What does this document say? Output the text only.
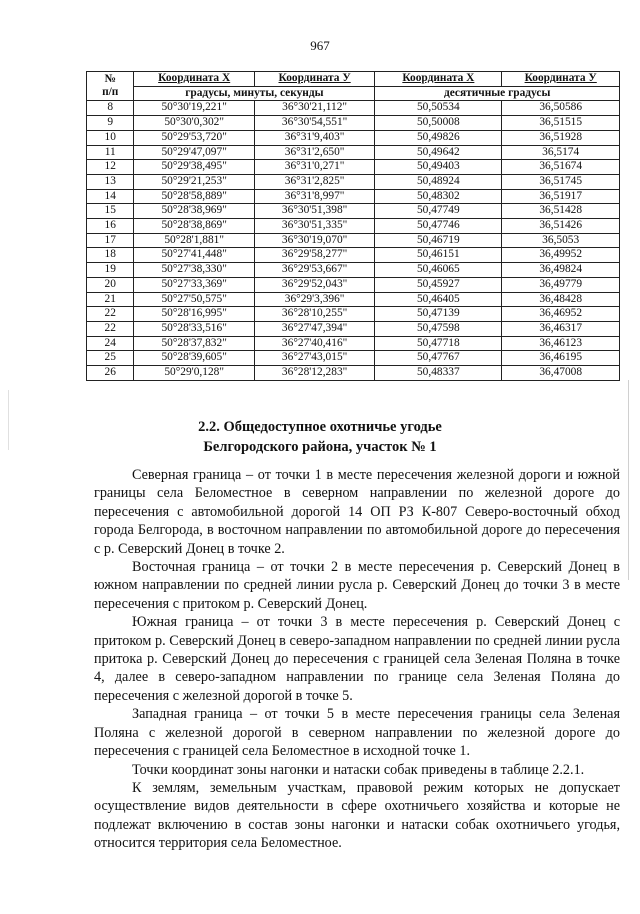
967
№
п/п	Координата Х	Координата У	Координата Х	Координата У
	градусы, минуты, секунды		десятичные градусы	
8	50°30'19,221"	36°30'21,112"	50,50534	36,50586
9	50°30'0,302"	36°30'54,551"	50,50008	36,51515
10	50°29'53,720"	36°31'9,403"	50,49826	36,51928
11	50°29'47,097"	36°31'2,650"	50,49642	36,5174
12	50°29'38,495"	36°31'0,271"	50,49403	36,51674
13	50°29'21,253"	36°31'2,825"	50,48924	36,51745
14	50°28'58,889"	36°31'8,997"	50,48302	36,51917
15	50°28'38,969"	36°30'51,398"	50,47749	36,51428
16	50°28'38,869"	36°30'51,335"	50,47746	36,51426
17	50°28'1,881"	36°30'19,070"	50,46719	36,5053
18	50°27'41,448"	36°29'58,277"	50,46151	36,49952
19	50°27'38,330"	36°29'53,667"	50,46065	36,49824
20	50°27'33,369"	36°29'52,043"	50,45927	36,49779
21	50°27'50,575"	36°29'3,396"	50,46405	36,48428
22	50°28'16,995"	36°28'10,255"	50,47139	36,46952
22	50°28'33,516"	36°27'47,394"	50,47598	36,46317
24	50°28'37,832"	36°27'40,416"	50,47718	36,46123
25	50°28'39,605"	36°27'43,015"	50,47767	36,46195
26	50°29'0,128"	36°28'12,283"	50,48337	36,47008
2.2. Общедоступное охотничье угодье
Белгородского района, участок № 1

Северная граница – от точки 1 в месте пересечения железной дороги и южной границы села Беломестное в северном направлении по железной дороге до пересечения с автомобильной дорогой 14 ОП РЗ К-807 Северо-восточный обход города Белгорода, в восточном направлении по автомобильной дороге до пересечения с р. Северский Донец в точке 2.

Восточная граница – от точки 2 в месте пересечения р. Северский Донец в южном направлении по средней линии русла р. Северский Донец до точки 3 в месте пересечения с притоком р. Северский Донец.

Южная граница – от точки 3 в месте пересечения р. Северский Донец с притоком р. Северский Донец в северо-западном направлении по средней линии русла притока р. Северский Донец до пересечения с границей села Зеленая Поляна в точке 4, далее в северо-западном направлении по границе села Зеленая Поляна до пересечения с железной дорогой в точке 5.

Западная граница – от точки 5 в месте пересечения границы села Зеленая Поляна с железной дорогой в северном направлении по железной дороге до пересечения с границей села Беломестное в исходной точке 1.

Точки координат зоны нагонки и натаски собак приведены в таблице 2.2.1.

К землям, земельным участкам, правовой режим которых не допускает осуществление видов деятельности в сфере охотничьего хозяйства и которые не подлежат включению в состав зоны нагонки и натаски собак охотничьего угодья, относится территория села Беломестное.
